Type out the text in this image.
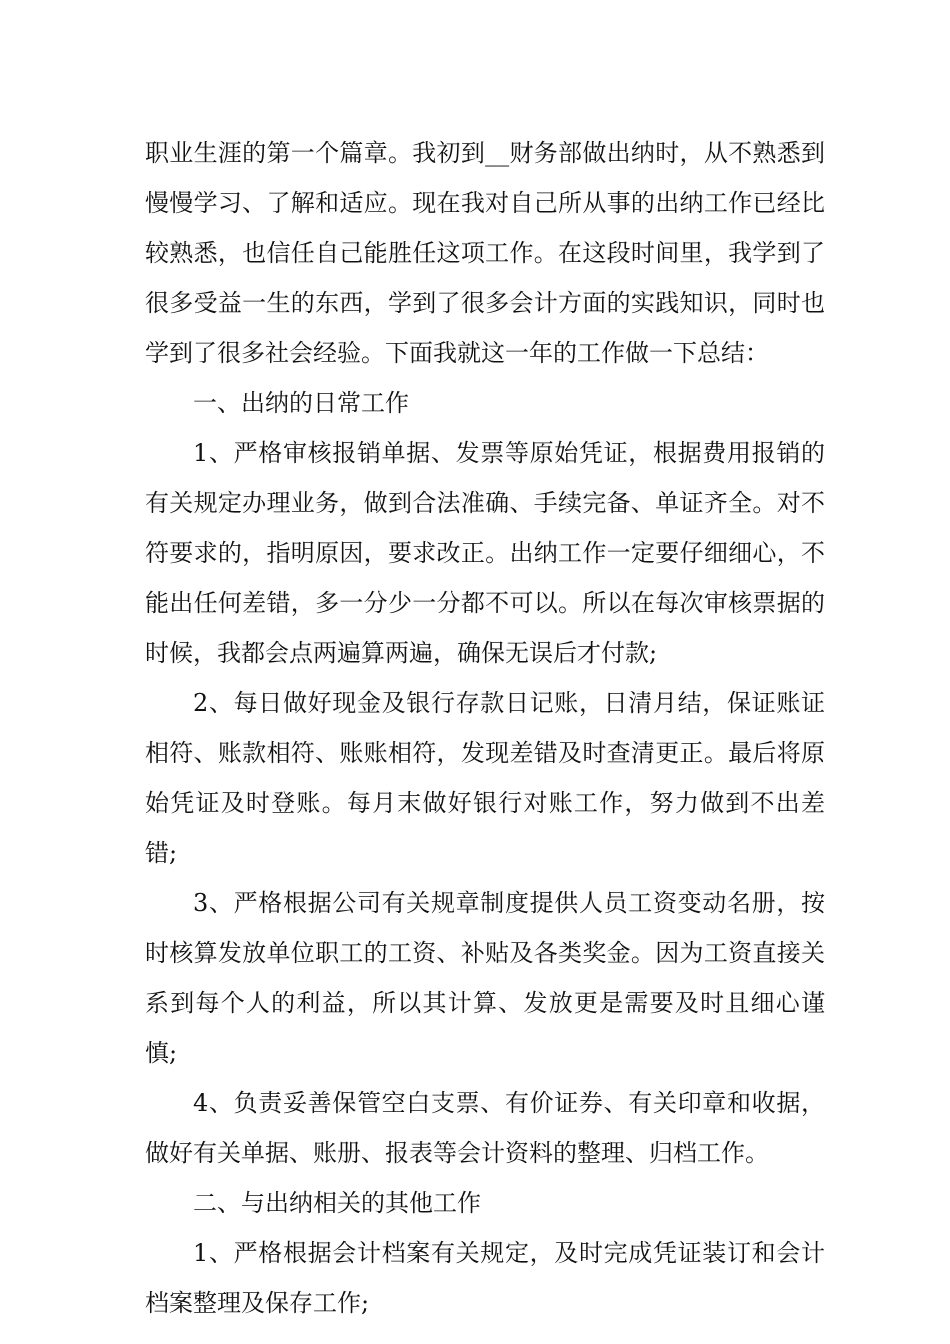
职业生涯的第一个篇章。我初到__财务部做出纳时，从不熟悉到慢慢学习、了解和适应。现在我对自己所从事的出纳工作已经比较熟悉，也信任自己能胜任这项工作。在这段时间里，我学到了很多受益一生的东西，学到了很多会计方面的实践知识，同时也学到了很多社会经验。下面我就这一年的工作做一下总结：

一、出纳的日常工作

1、严格审核报销单据、发票等原始凭证，根据费用报销的有关规定办理业务，做到合法准确、手续完备、单证齐全。对不符要求的，指明原因，要求改正。出纳工作一定要仔细细心，不能出任何差错，多一分少一分都不可以。所以在每次审核票据的时候，我都会点两遍算两遍，确保无误后才付款;

2、每日做好现金及银行存款日记账，日清月结，保证账证相符、账款相符、账账相符，发现差错及时查清更正。最后将原始凭证及时登账。每月末做好银行对账工作，努力做到不出差错;

3、严格根据公司有关规章制度提供人员工资变动名册，按时核算发放单位职工的工资、补贴及各类奖金。因为工资直接关系到每个人的利益，所以其计算、发放更是需要及时且细心谨慎;

4、负责妥善保管空白支票、有价证券、有关印章和收据，做好有关单据、账册、报表等会计资料的整理、归档工作。

二、与出纳相关的其他工作

1、严格根据会计档案有关规定，及时完成凭证装订和会计档案整理及保存工作;
